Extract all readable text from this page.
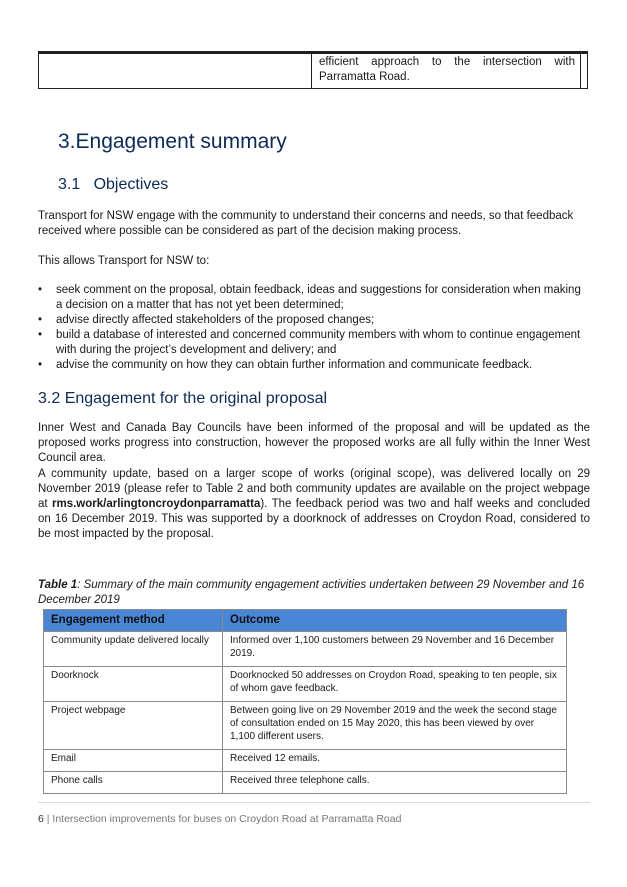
efficient approach to the intersection with
Parramatta Road.
3.Engagement summary
3.1   Objectives
Transport for NSW engage with the community to understand their concerns and needs, so that feedback received where possible can be considered as part of the decision making process.
This allows Transport for NSW to:
• seek comment on the proposal, obtain feedback, ideas and suggestions for consideration when making a decision on a matter that has not yet been determined;
• advise directly affected stakeholders of the proposed changes;
• build a database of interested and concerned community members with whom to continue engagement with during the project’s development and delivery; and
• advise the community on how they can obtain further information and communicate feedback.
3.2 Engagement for the original proposal
Inner West and Canada Bay Councils have been informed of the proposal and will be updated as the proposed works progress into construction, however the proposed works are all fully within the Inner West Council area.
A community update, based on a larger scope of works (original scope), was delivered locally on 29 November 2019 (please refer to Table 2 and both community updates are available on the project webpage at rms.work/arlingtoncroydonparramatta). The feedback period was two and half weeks and concluded on 16 December 2019. This was supported by a doorknock of addresses on Croydon Road, considered to be most impacted by the proposal.
Table 1: Summary of the main community engagement activities undertaken between 29 November and 16 December 2019
Engagement method	Outcome
Community update delivered locally	Informed over 1,100 customers between 29 November and 16 December 2019.
Doorknock	Doorknocked 50 addresses on Croydon Road, speaking to ten people, six of whom gave feedback.
Project webpage	Between going live on 29 November 2019 and the week the second stage of consultation ended on 15 May 2020, this has been viewed by over 1,100 different users.
Email	Received 12 emails.
Phone calls	Received three telephone calls.
6 | Intersection improvements for buses on Croydon Road at Parramatta Road
